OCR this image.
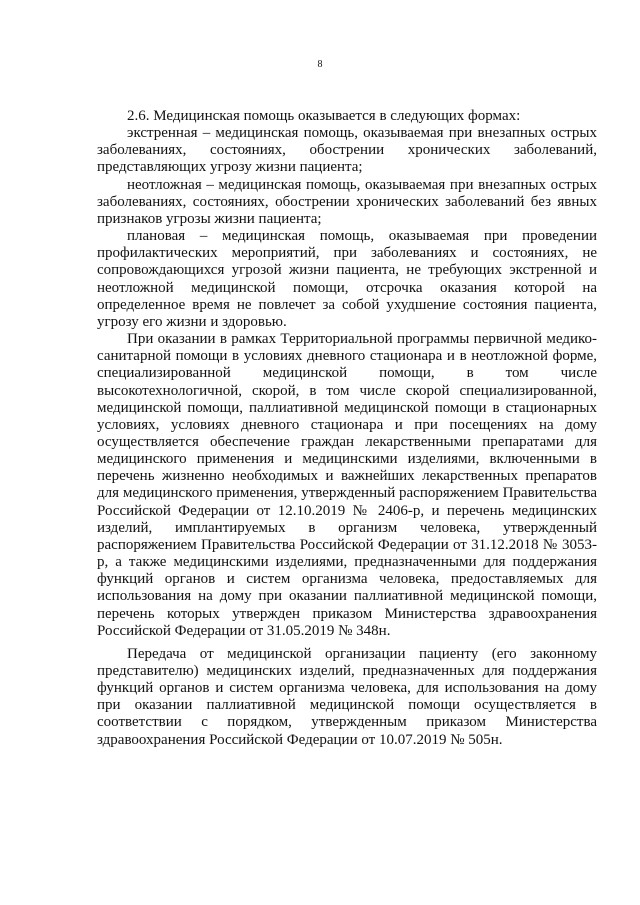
8

2.6. Медицинская помощь оказывается в следующих формах:

экстренная – медицинская помощь, оказываемая при внезапных острых заболеваниях, состояниях, обострении хронических заболеваний, представляющих угрозу жизни пациента;

неотложная – медицинская помощь, оказываемая при внезапных острых заболеваниях, состояниях, обострении хронических заболеваний без явных признаков угрозы жизни пациента;

плановая – медицинская помощь, оказываемая при проведении профилактических мероприятий, при заболеваниях и состояниях, не сопровождающихся угрозой жизни пациента, не требующих экстренной и неотложной медицинской помощи, отсрочка оказания которой на определенное время не повлечет за собой ухудшение состояния пациента, угрозу его жизни и здоровью.

При оказании в рамках Территориальной программы первичной медико-санитарной помощи в условиях дневного стационара и в неотложной форме, специализированной медицинской помощи, в том числе высокотехнологичной, скорой, в том числе скорой специализированной, медицинской помощи, паллиативной медицинской помощи в стационарных условиях, условиях дневного стационара и при посещениях на дому осуществляется обеспечение граждан лекарственными препаратами для медицинского применения и медицинскими изделиями, включенными в перечень жизненно необходимых и важнейших лекарственных препаратов для медицинского применения, утвержденный распоряжением Правительства Российской Федерации от 12.10.2019 № 2406-р, и перечень медицинских изделий, имплантируемых в организм человека, утвержденный распоряжением Правительства Российской Федерации от 31.12.2018 № 3053-р, а также медицинскими изделиями, предназначенными для поддержания функций органов и систем организма человека, предоставляемых для использования на дому при оказании паллиативной медицинской помощи, перечень которых утвержден приказом Министерства здравоохранения Российской Федерации от 31.05.2019 № 348н.

Передача от медицинской организации пациенту (его законному представителю) медицинских изделий, предназначенных для поддержания функций органов и систем организма человека, для использования на дому при оказании паллиативной медицинской помощи осуществляется в соответствии с порядком, утвержденным приказом Министерства здравоохранения Российской Федерации от 10.07.2019 № 505н.
